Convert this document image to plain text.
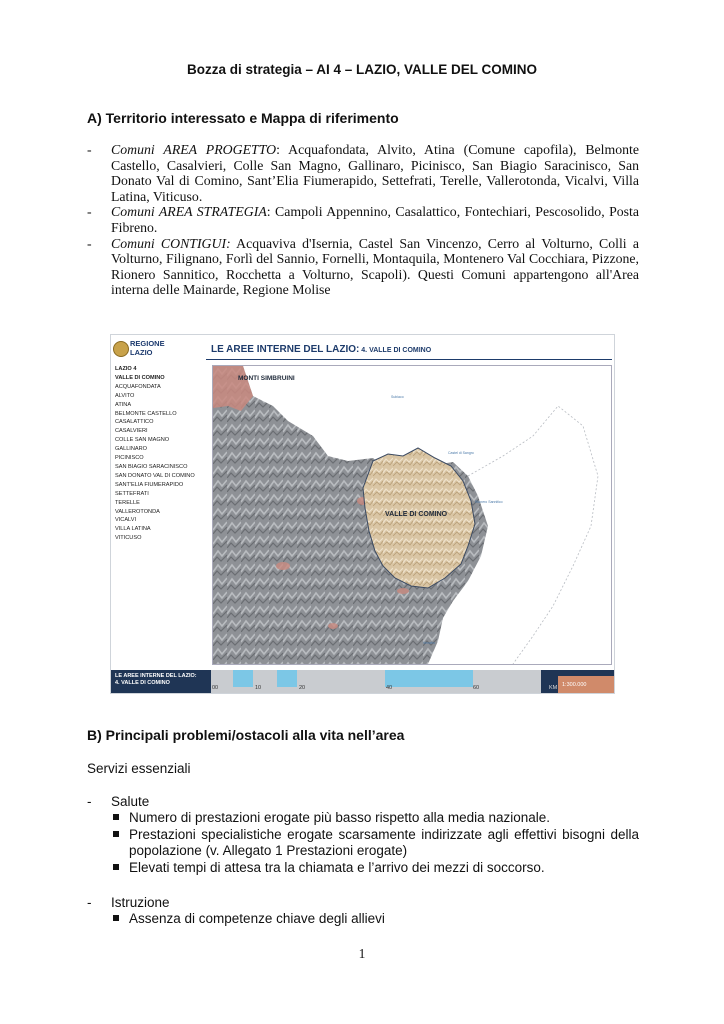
Bozza di strategia – AI 4 – LAZIO, VALLE DEL COMINO
A) Territorio interessato e Mappa di riferimento
- Comuni AREA PROGETTO: Acquafondata, Alvito, Atina (Comune capofila), Belmonte Castello, Casalvieri, Colle San Magno, Gallinaro, Picinisco, San Biagio Saracinisco, San Donato Val di Comino, Sant’Elia Fiumerapido, Settefrati, Terelle, Vallerotonda, Vicalvi, Villa Latina, Viticuso.
- Comuni AREA STRATEGIA: Campoli Appennino, Casalattico, Fontechiari, Pescosolido, Posta Fibreno.
- Comuni CONTIGUI: Acquaviva d'Isernia, Castel San Vincenzo, Cerro al Volturno, Colli a Volturno, Filignano, Forlì del Sannio, Fornelli, Montaquila, Montenero Val Cocchiara, Pizzone, Rionero Sannitico, Rocchetta a Volturno, Scapoli). Questi Comuni appartengono all'Area interna delle Mainarde, Regione Molise
REGIONE
LAZIO	LE AREE INTERNE DEL LAZIO: 4. VALLE DI COMINO
LAZIO 4
VALLE DI COMINO
ACQUAFONDATA
ALVITO
ATINA
BELMONTE CASTELLO
CASALATTICO
CASALVIERI
COLLE SAN MAGNO
GALLINARO
PICINISCO
SAN BIAGIO SARACINISCO
SAN DONATO VAL DI COMINO
SANT'ELIA FIUMERAPIDO
SETTEFRATI
TERELLE
VALLEROTONDA
VICALVI
VILLA LATINA
VITICUSO
Subiaco
Castel di Sangro
Rionero Sannitico
Venafro
MONTI SIMBRUINI
VALLE DI COMINO
LE AREE INTERNE DEL LAZIO:
4. VALLE DI COMINO
00	10	20	40	60	KM 1:300.000
B) Principali problemi/ostacoli alla vita nell’area
Servizi essenziali
- Salute
Numero di prestazioni erogate più basso rispetto alla media nazionale.
Prestazioni specialistiche erogate scarsamente indirizzate agli effettivi bisogni della popolazione (v. Allegato 1 Prestazioni erogate)
Elevati tempi di attesa tra la chiamata e l’arrivo dei mezzi di soccorso.
- Istruzione
Assenza di competenze chiave degli allievi
1
